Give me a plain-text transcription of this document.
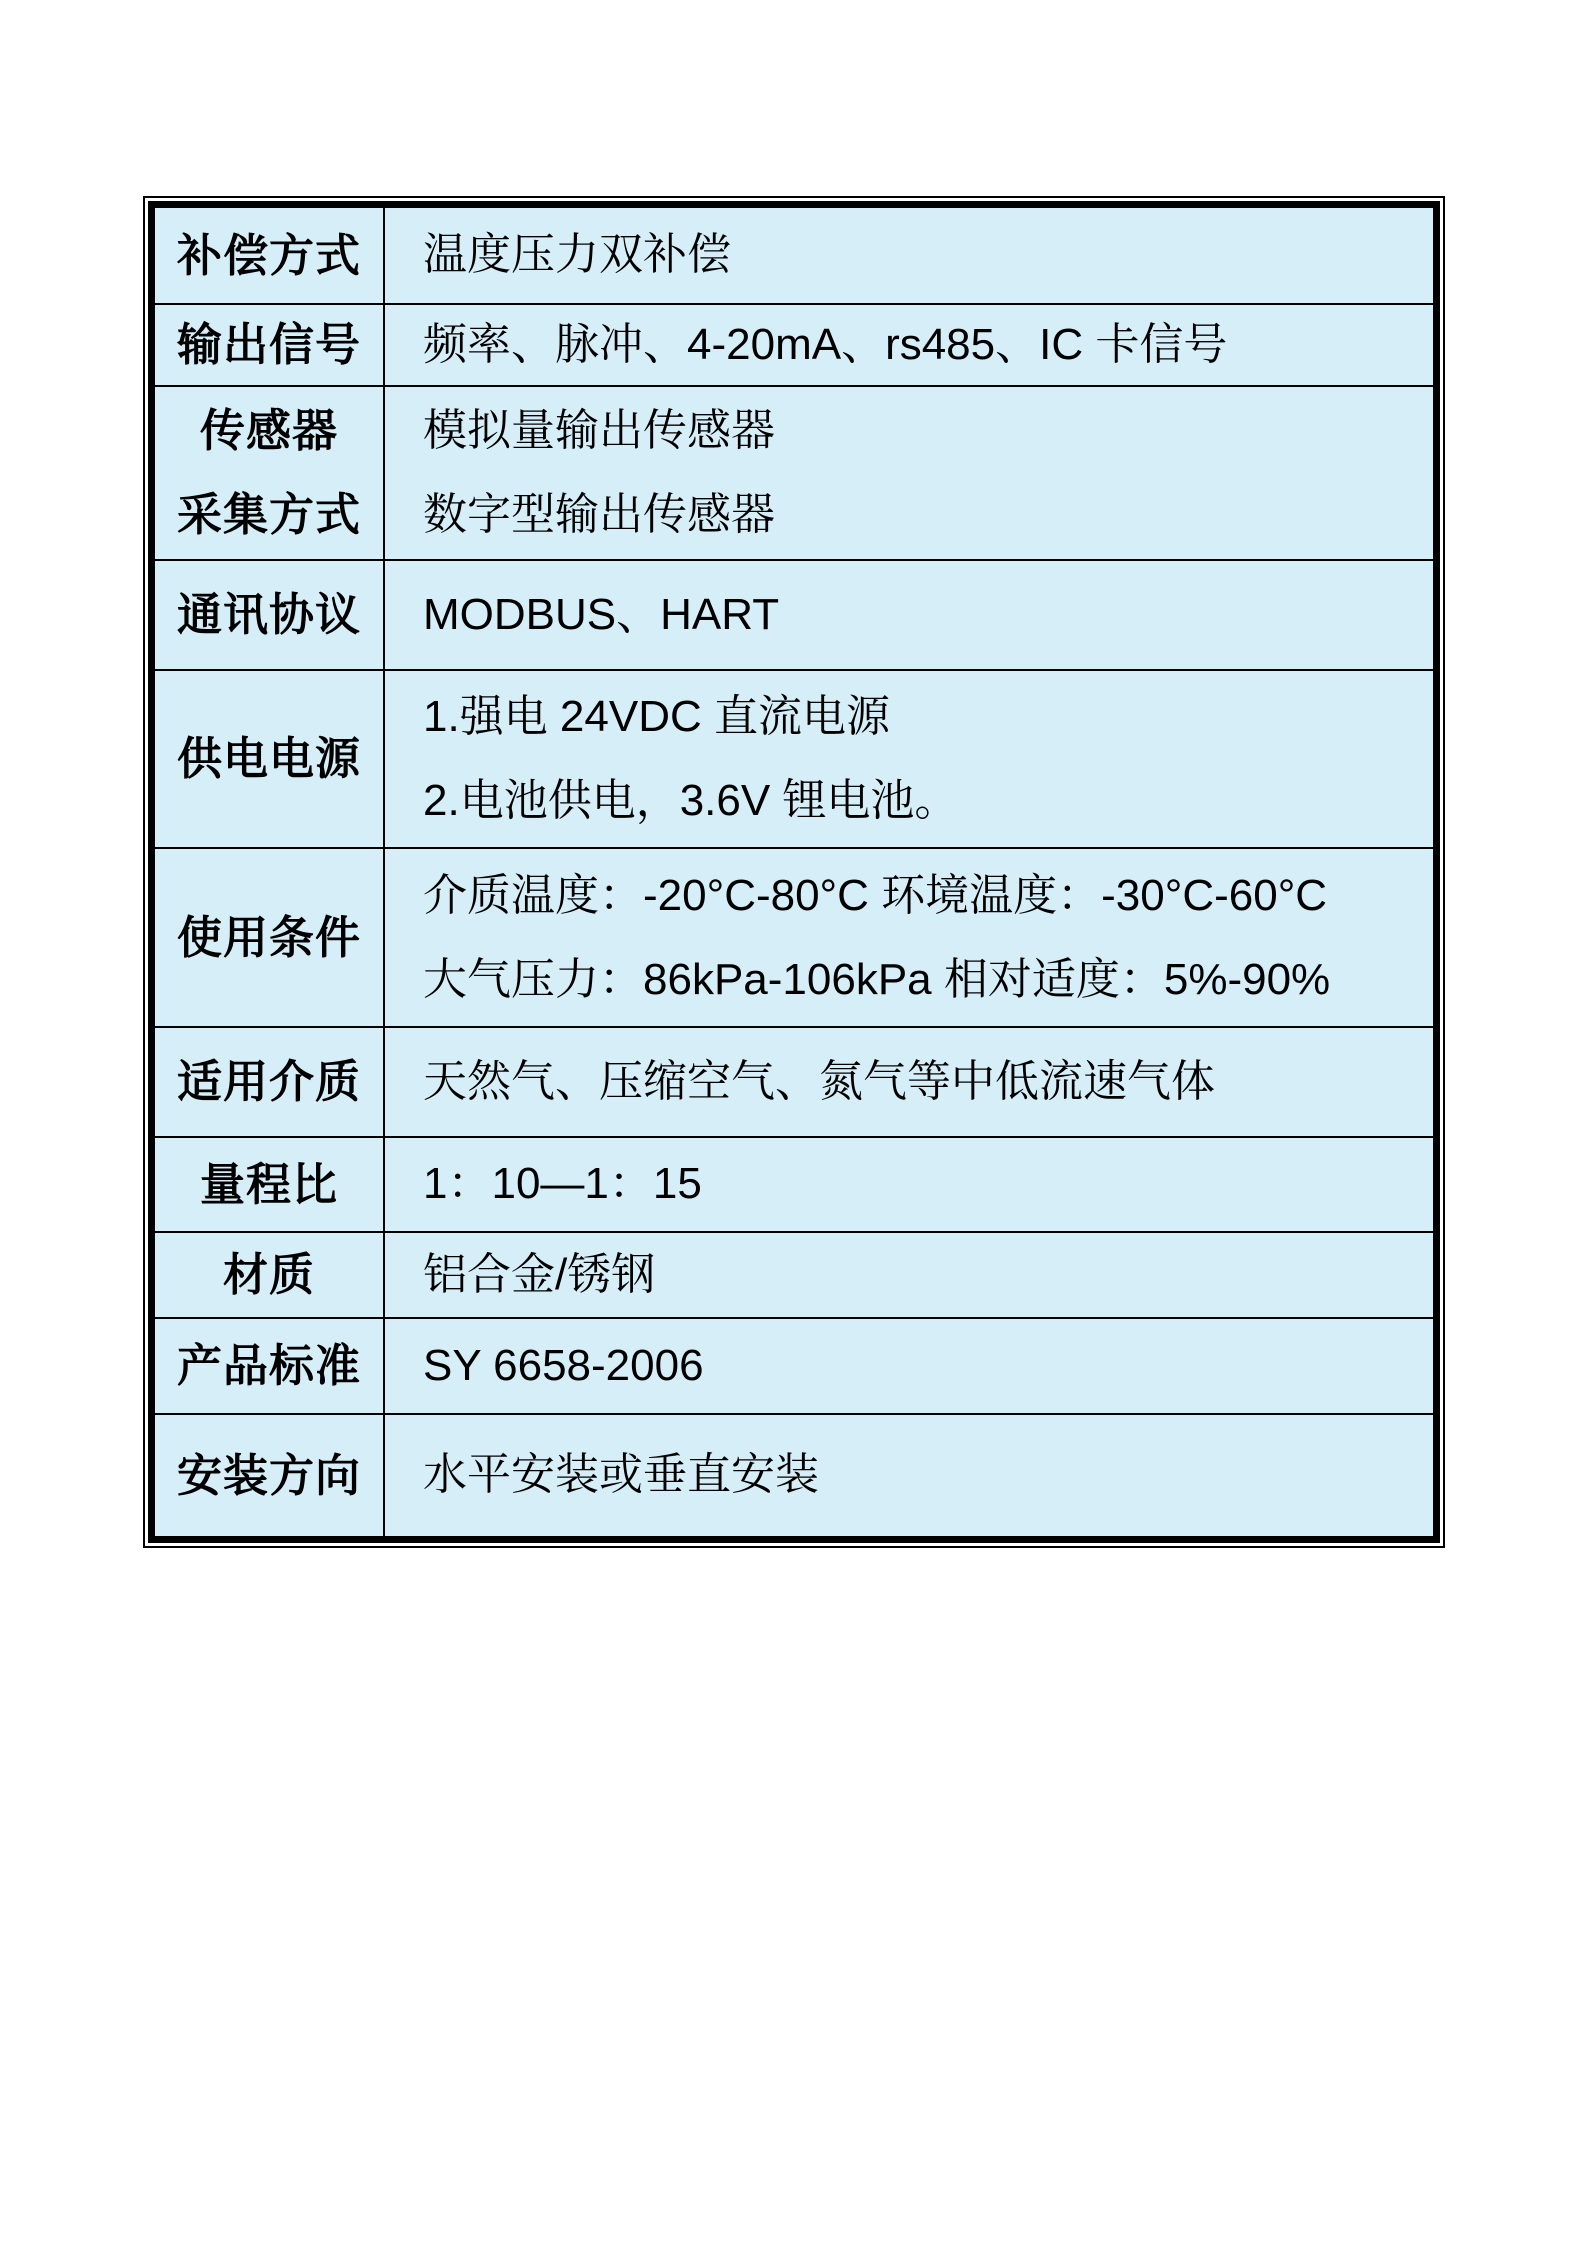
补偿方式 温度压力双补偿
输出信号 频率、脉冲、4-20mA、rs485、IC 卡信号
传感器
采集方式
模拟量输出传感器
数字型输出传感器
通讯协议 MODBUS、HART
供电电源
1.强电 24VDC 直流电源
2.电池供电，3.6V 锂电池。
使用条件
介质温度：-20°C-80°C 环境温度：-30°C-60°C
大气压力：86kPa-106kPa 相对适度：5%-90%
适用介质 天然气、压缩空气、氮气等中低流速气体
量程比 1：10—1：15
材质 铝合金/锈钢
产品标准 SY 6658-2006
安装方向 水平安装或垂直安装
